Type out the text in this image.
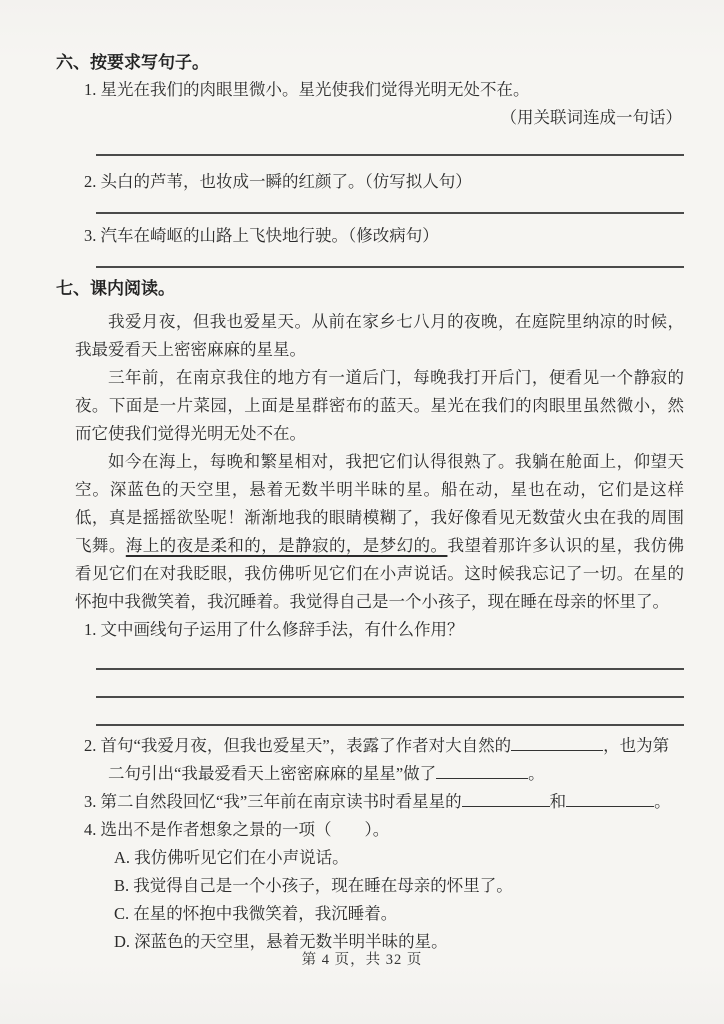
六、按要求写句子。
1. 星光在我们的肉眼里微小。星光使我们觉得光明无处不在。
（用关联词连成一句话）
2. 头白的芦苇，也妆成一瞬的红颜了。（仿写拟人句）
3. 汽车在崎岖的山路上飞快地行驶。（修改病句）
七、课内阅读。

我爱月夜，但我也爱星天。从前在家乡七八月的夜晚，在庭院里纳凉的时候，我最爱看天上密密麻麻的星星。

三年前，在南京我住的地方有一道后门，每晚我打开后门，便看见一个静寂的夜。下面是一片菜园，上面是星群密布的蓝天。星光在我们的肉眼里虽然微小，然而它使我们觉得光明无处不在。

如今在海上，每晚和繁星相对，我把它们认得很熟了。我躺在舱面上，仰望天空。深蓝色的天空里，悬着无数半明半昧的星。船在动，星也在动，它们是这样低，真是摇摇欲坠呢！渐渐地我的眼睛模糊了，我好像看见无数萤火虫在我的周围飞舞。海上的夜是柔和的，是静寂的，是梦幻的。我望着那许多认识的星，我仿佛看见它们在对我眨眼，我仿佛听见它们在小声说话。这时候我忘记了一切。在星的怀抱中我微笑着，我沉睡着。我觉得自己是一个小孩子，现在睡在母亲的怀里了。

1. 文中画线句子运用了什么修辞手法，有什么作用？
2. 首句“我爱月夜，但我也爱星天”，表露了作者对大自然的	，也为第二句引出“我最爱看天上密密麻麻的星星”做了	。
3. 第二自然段回忆“我”三年前在南京读书时看星星的	和	。
4. 选出不是作者想象之景的一项（　　）。
A. 我仿佛听见它们在小声说话。
B. 我觉得自己是一个小孩子，现在睡在母亲的怀里了。
C. 在星的怀抱中我微笑着，我沉睡着。
D. 深蓝色的天空里，悬着无数半明半昧的星。
第 4 页，共 32 页
